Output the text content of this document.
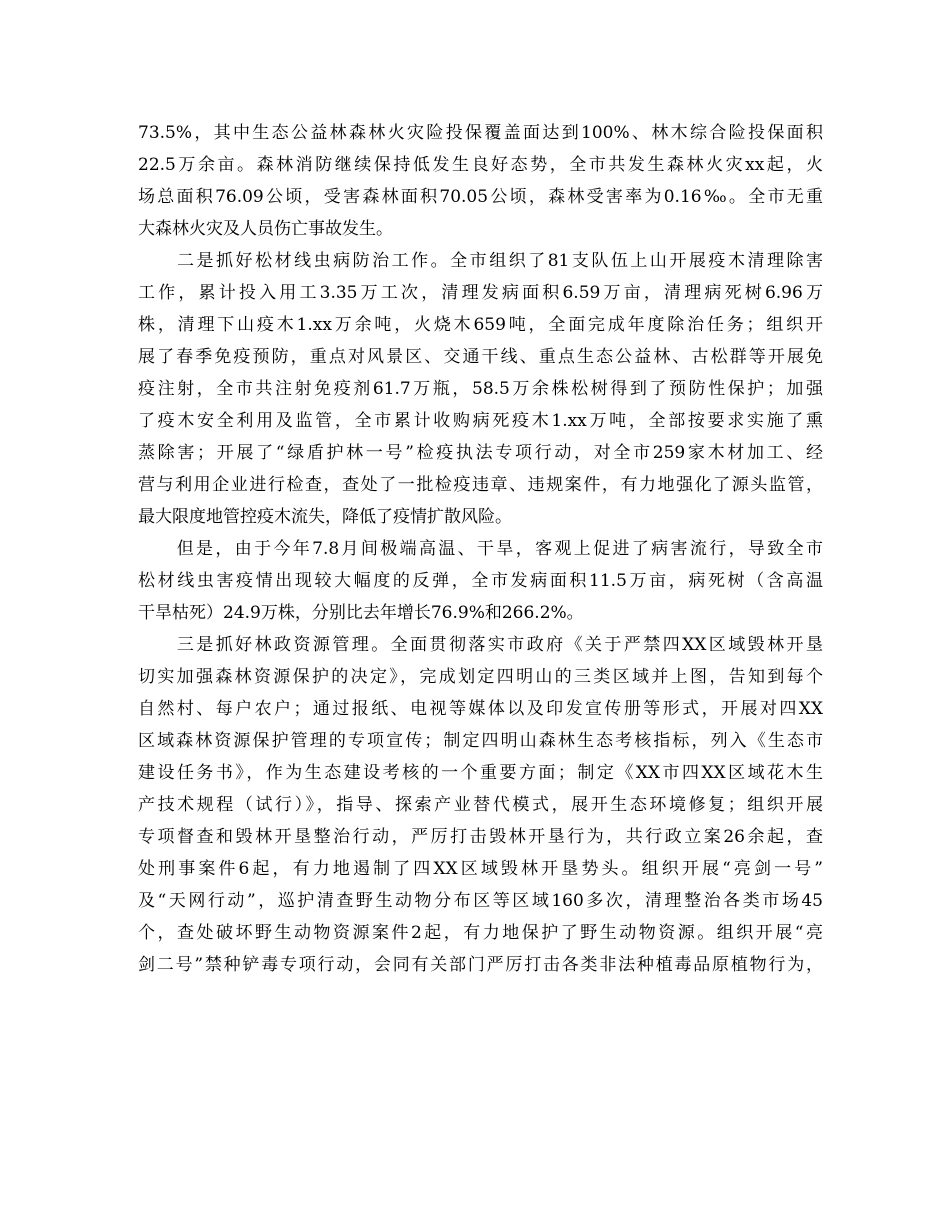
73.5%，其中生态公益林森林火灾险投保覆盖面达到100%、林木综合险投保面积
22.5万余亩。森林消防继续保持低发生良好态势，全市共发生森林火灾xx起，火
场总面积76.09公顷，受害森林面积70.05公顷，森林受害率为0.16‰。全市无重
大森林火灾及人员伤亡事故发生。
　　二是抓好松材线虫病防治工作。全市组织了81支队伍上山开展疫木清理除害
工作，累计投入用工3.35万工次，清理发病面积6.59万亩，清理病死树6.96万
株，清理下山疫木1.xx万余吨，火烧木659吨，全面完成年度除治任务；组织开
展了春季免疫预防，重点对风景区、交通干线、重点生态公益林、古松群等开展免
疫注射，全市共注射免疫剂61.7万瓶，58.5万余株松树得到了预防性保护；加强
了疫木安全利用及监管，全市累计收购病死疫木1.xx万吨，全部按要求实施了熏
蒸除害；开展了“绿盾护林一号”检疫执法专项行动，对全市259家木材加工、经
营与利用企业进行检查，查处了一批检疫违章、违规案件，有力地强化了源头监管，
最大限度地管控疫木流失，降低了疫情扩散风险。
　　但是，由于今年7.8月间极端高温、干旱，客观上促进了病害流行，导致全市
松材线虫害疫情出现较大幅度的反弹，全市发病面积11.5万亩，病死树（含高温
干旱枯死）24.9万株，分别比去年增长76.9%和266.2%。
　　三是抓好林政资源管理。全面贯彻落实市政府《关于严禁四XX区域毁林开垦
切实加强森林资源保护的决定》，完成划定四明山的三类区域并上图，告知到每个
自然村、每户农户；通过报纸、电视等媒体以及印发宣传册等形式，开展对四XX
区域森林资源保护管理的专项宣传；制定四明山森林生态考核指标，列入《生态市
建设任务书》，作为生态建设考核的一个重要方面；制定《XX市四XX区域花木生
产技术规程（试行）》，指导、探索产业替代模式，展开生态环境修复；组织开展
专项督查和毁林开垦整治行动，严厉打击毁林开垦行为，共行政立案26余起，查
处刑事案件6起，有力地遏制了四XX区域毁林开垦势头。组织开展“亮剑一号”
及“天网行动”，巡护清查野生动物分布区等区域160多次，清理整治各类市场45
个，查处破坏野生动物资源案件2起，有力地保护了野生动物资源。组织开展“亮
剑二号”禁种铲毒专项行动，会同有关部门严厉打击各类非法种植毒品原植物行为，
